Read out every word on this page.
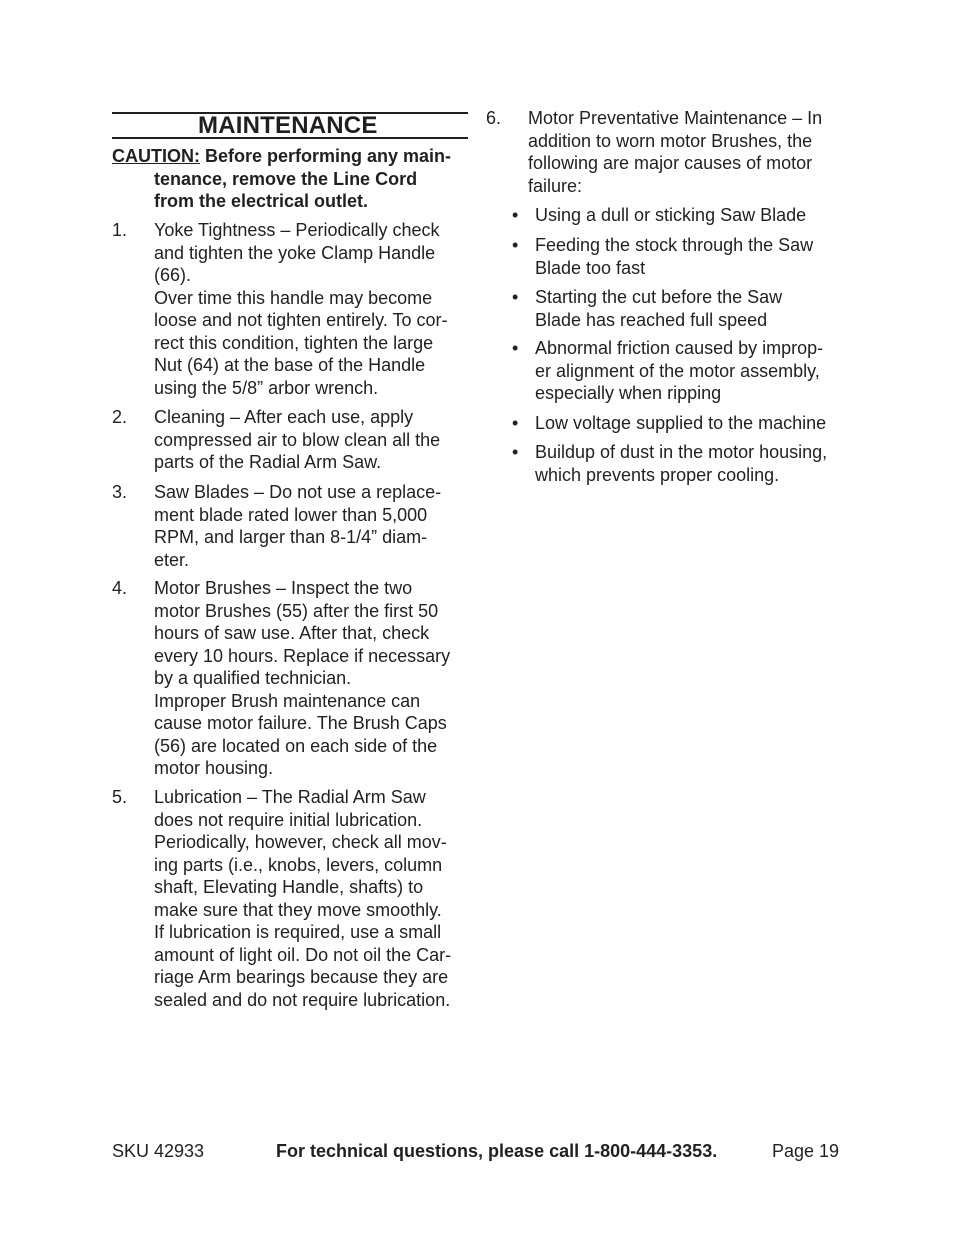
MAINTENANCE
CAUTION: Before performing any main-
tenance, remove the Line Cord
from the electrical outlet.
1. Yoke Tightness – Periodically check
and tighten the yoke Clamp Handle
(66).
Over time this handle may become
loose and not tighten entirely. To cor-
rect this condition, tighten the large
Nut (64) at the base of the Handle
using the 5/8” arbor wrench.
2. Cleaning – After each use, apply
compressed air to blow clean all the
parts of the Radial Arm Saw.
3. Saw Blades – Do not use a replace-
ment blade rated lower than 5,000
RPM, and larger than 8-1/4” diam-
eter.
4. Motor Brushes – Inspect the two
motor Brushes (55) after the first 50
hours of saw use. After that, check
every 10 hours. Replace if necessary
by a qualified technician.
Improper Brush maintenance can
cause motor failure. The Brush Caps
(56) are located on each side of the
motor housing.
5. Lubrication – The Radial Arm Saw
does not require initial lubrication.
Periodically, however, check all mov-
ing parts (i.e., knobs, levers, column
shaft, Elevating Handle, shafts) to
make sure that they move smoothly.
If lubrication is required, use a small
amount of light oil. Do not oil the Car-
riage Arm bearings because they are
sealed and do not require lubrication.
6. Motor Preventative Maintenance – In
addition to worn motor Brushes, the
following are major causes of motor
failure:
• Using a dull or sticking Saw Blade
• Feeding the stock through the Saw
Blade too fast
• Starting the cut before the Saw
Blade has reached full speed
• Abnormal friction caused by improp-
er alignment of the motor assembly,
especially when ripping
• Low voltage supplied to the machine
• Buildup of dust in the motor housing,
which prevents proper cooling.
SKU 42933	For technical questions, please call 1-800-444-3353.	Page 19
